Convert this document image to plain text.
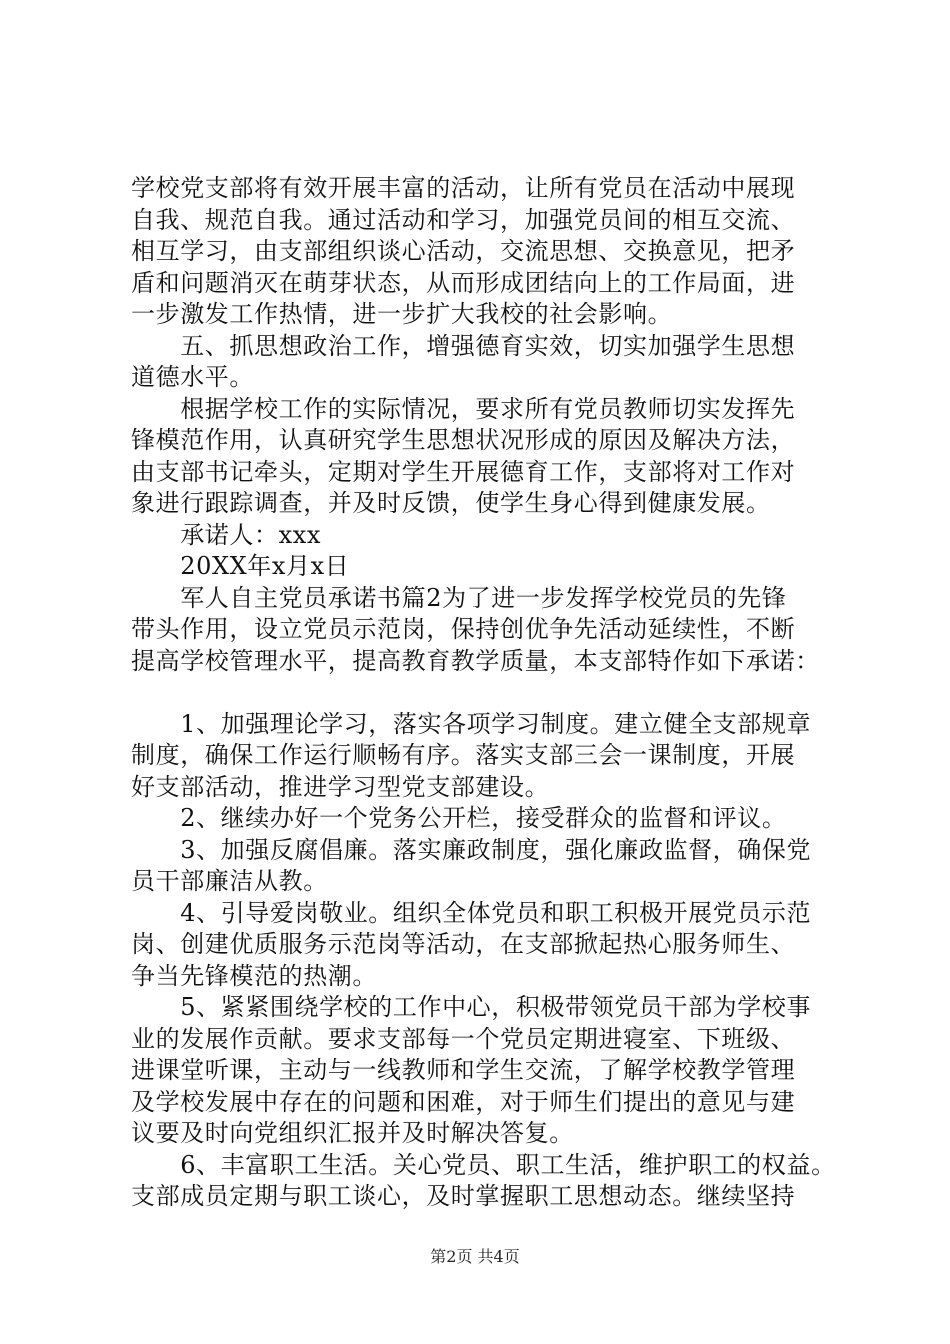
学校党支部将有效开展丰富的活动，让所有党员在活动中展现
自我、规范自我。通过活动和学习，加强党员间的相互交流、
相互学习，由支部组织谈心活动，交流思想、交换意见，把矛
盾和问题消灭在萌芽状态，从而形成团结向上的工作局面，进
一步激发工作热情，进一步扩大我校的社会影响。
　　五、抓思想政治工作，增强德育实效，切实加强学生思想
道德水平。
　　根据学校工作的实际情况，要求所有党员教师切实发挥先
锋模范作用，认真研究学生思想状况形成的原因及解决方法，
由支部书记牵头，定期对学生开展德育工作，支部将对工作对
象进行跟踪调查，并及时反馈，使学生身心得到健康发展。
　　承诺人：xxx
　　20XX年x月x日
　　军人自主党员承诺书篇2为了进一步发挥学校党员的先锋
带头作用，设立党员示范岗，保持创优争先活动延续性，不断
提高学校管理水平，提高教育教学质量，本支部特作如下承诺：
　　1、加强理论学习，落实各项学习制度。建立健全支部规章
制度，确保工作运行顺畅有序。落实支部三会一课制度，开展
好支部活动，推进学习型党支部建设。
　　2、继续办好一个党务公开栏，接受群众的监督和评议。
　　3、加强反腐倡廉。落实廉政制度，强化廉政监督，确保党
员干部廉洁从教。
　　4、引导爱岗敬业。组织全体党员和职工积极开展党员示范
岗、创建优质服务示范岗等活动，在支部掀起热心服务师生、
争当先锋模范的热潮。
　　5、紧紧围绕学校的工作中心，积极带领党员干部为学校事
业的发展作贡献。要求支部每一个党员定期进寝室、下班级、
进课堂听课，主动与一线教师和学生交流，了解学校教学管理
及学校发展中存在的问题和困难，对于师生们提出的意见与建
议要及时向党组织汇报并及时解决答复。
　　6、丰富职工生活。关心党员、职工生活，维护职工的权益。
支部成员定期与职工谈心，及时掌握职工思想动态。继续坚持
第2页 共4页
